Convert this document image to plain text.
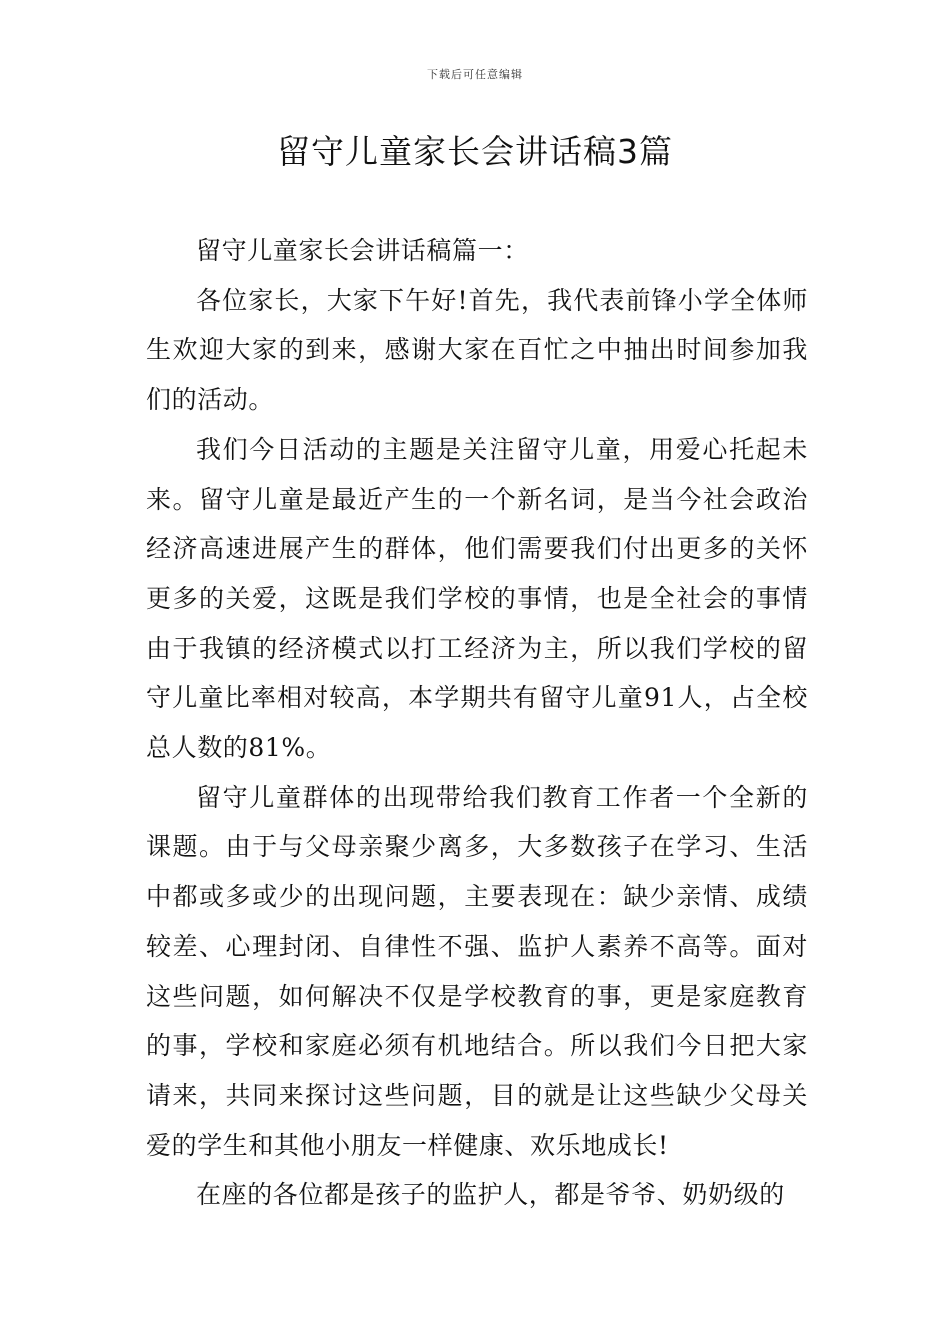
下载后可任意编辑
留守儿童家长会讲话稿3篇

留守儿童家长会讲话稿篇一：

各位家长，大家下午好!首先，我代表前锋小学全体师生欢迎大家的到来，感谢大家在百忙之中抽出时间参加我们的活动。

我们今日活动的主题是关注留守儿童，用爱心托起未来。留守儿童是最近产生的一个新名词，是当今社会政治经济高速进展产生的群体，他们需要我们付出更多的关怀更多的关爱，这既是我们学校的事情，也是全社会的事情由于我镇的经济模式以打工经济为主，所以我们学校的留守儿童比率相对较高，本学期共有留守儿童91人，占全校总人数的81%。

留守儿童群体的出现带给我们教育工作者一个全新的课题。由于与父母亲聚少离多，大多数孩子在学习、生活中都或多或少的出现问题，主要表现在：缺少亲情、成绩较差、心理封闭、自律性不强、监护人素养不高等。面对这些问题，如何解决不仅是学校教育的事，更是家庭教育的事，学校和家庭必须有机地结合。所以我们今日把大家请来，共同来探讨这些问题，目的就是让这些缺少父母关爱的学生和其他小朋友一样健康、欢乐地成长!

在座的各位都是孩子的监护人，都是爷爷、奶奶级的
